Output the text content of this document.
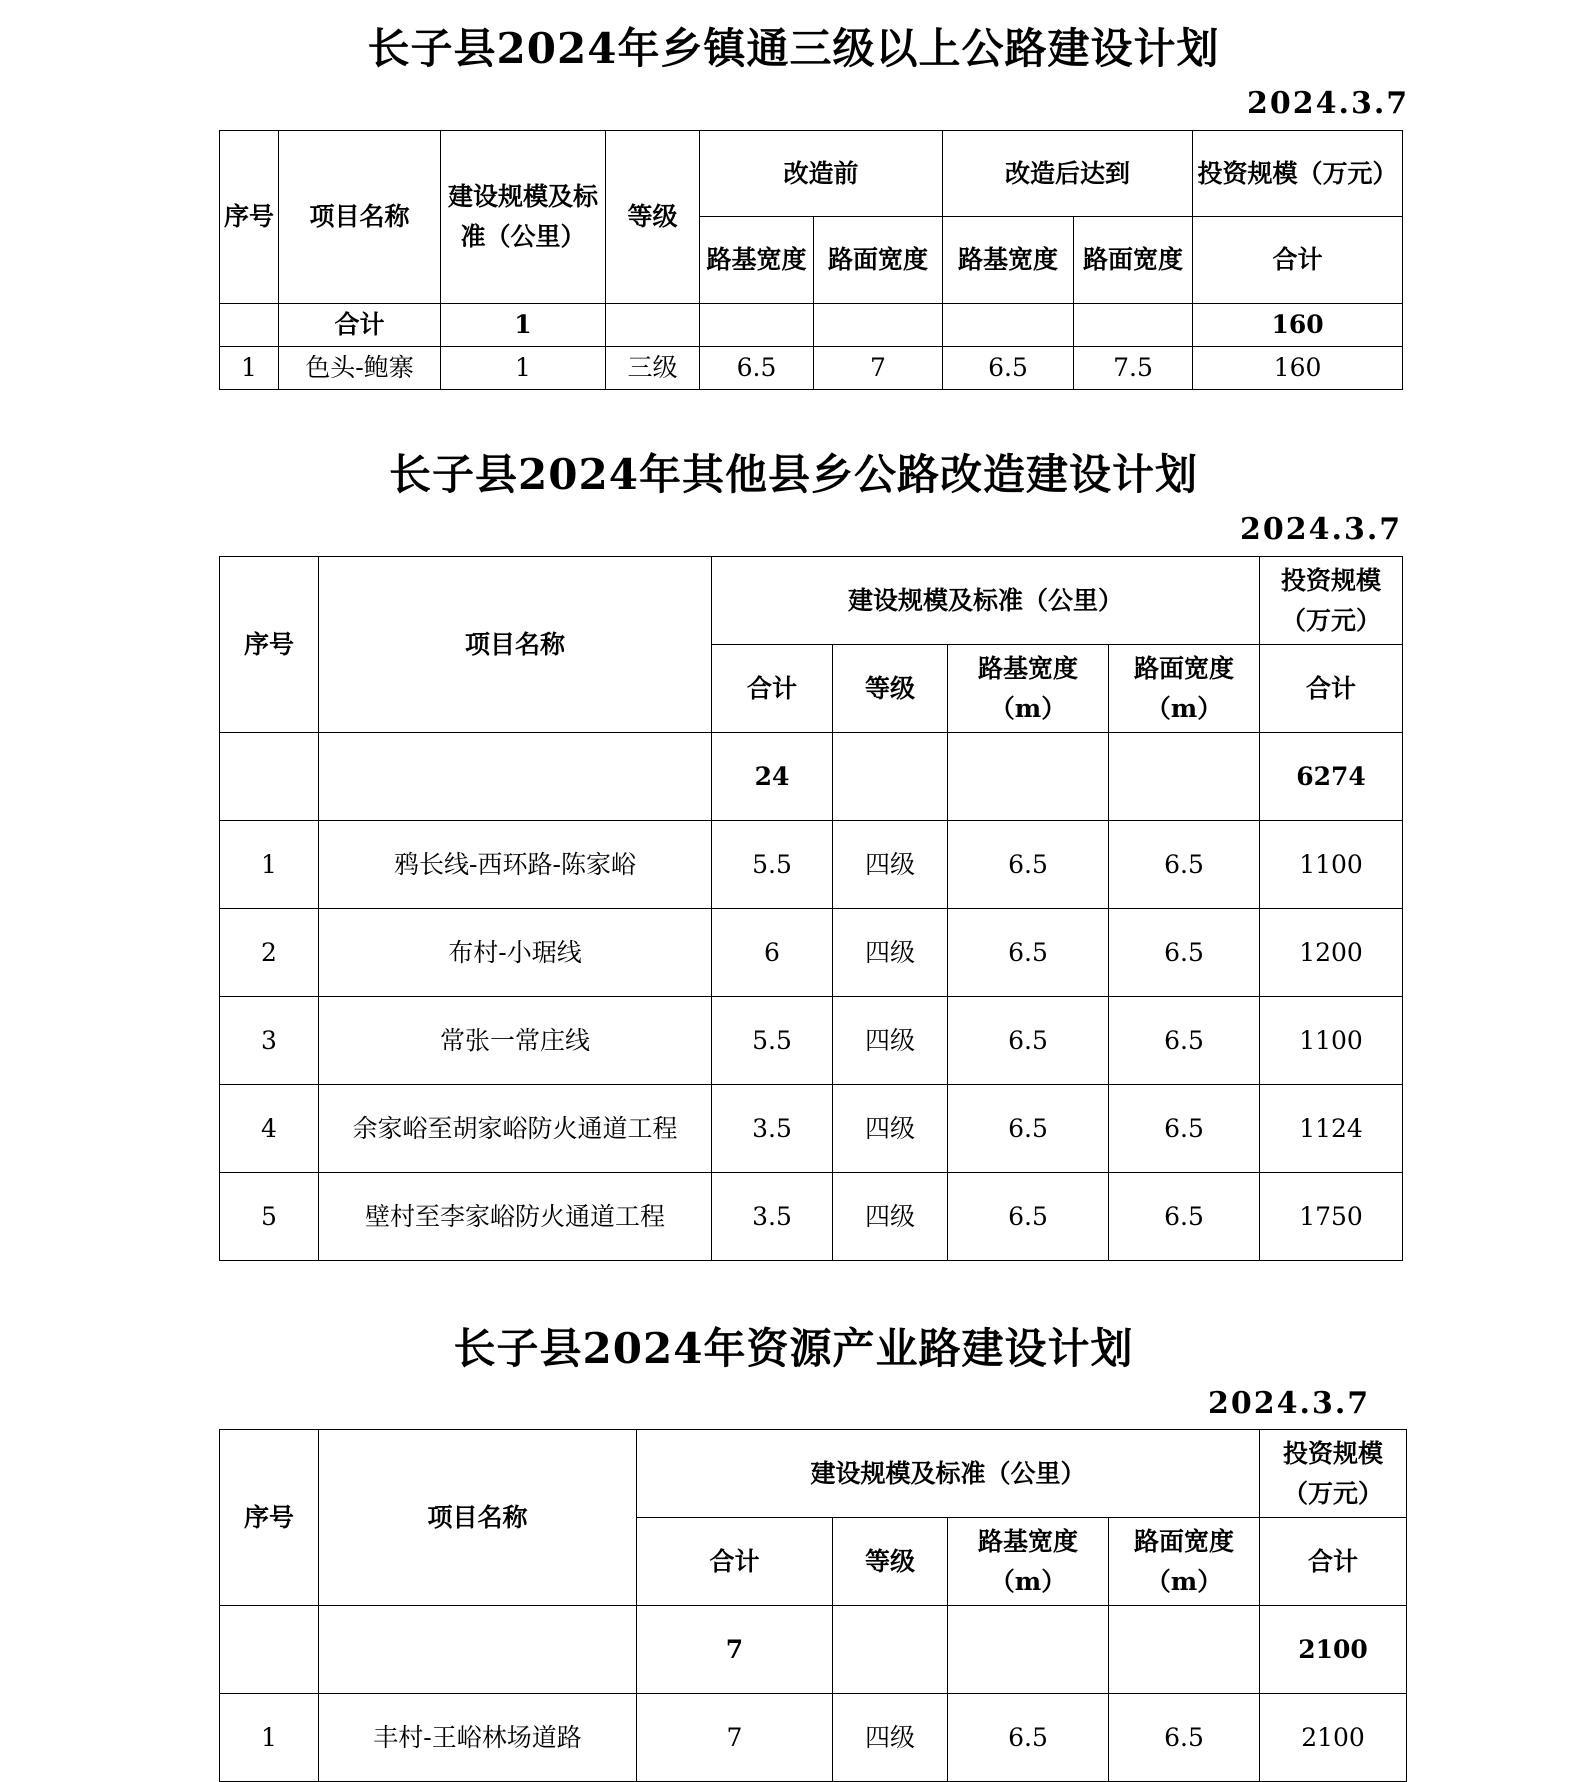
长子县2024年乡镇通三级以上公路建设计划
2024.3.7
序号	项目名称	建设规模及标准（公里）	等级	改造前		改造后达到		投资规模（万元）
				路基宽度	路面宽度	路基宽度	路面宽度	合计
	合计	1						160
1	色头-鲍寨	1	三级	6.5	7	6.5	7.5	160
长子县2024年其他县乡公路改造建设计划
2024.3.7
序号	项目名称	建设规模及标准（公里）				投资规模（万元）
		合计	等级	路基宽度（m）	路面宽度（m）	合计
		24				6274
1	鸦长线-西环路-陈家峪	5.5	四级	6.5	6.5	1100
2	布村-小琚线	6	四级	6.5	6.5	1200
3	常张一常庄线	5.5	四级	6.5	6.5	1100
4	余家峪至胡家峪防火通道工程	3.5	四级	6.5	6.5	1124
5	壁村至李家峪防火通道工程	3.5	四级	6.5	6.5	1750
长子县2024年资源产业路建设计划
2024.3.7
序号	项目名称	建设规模及标准（公里）				投资规模（万元）
		合计	等级	路基宽度（m）	路面宽度（m）	合计
		7				2100
1	丰村-王峪林场道路	7	四级	6.5	6.5	2100
